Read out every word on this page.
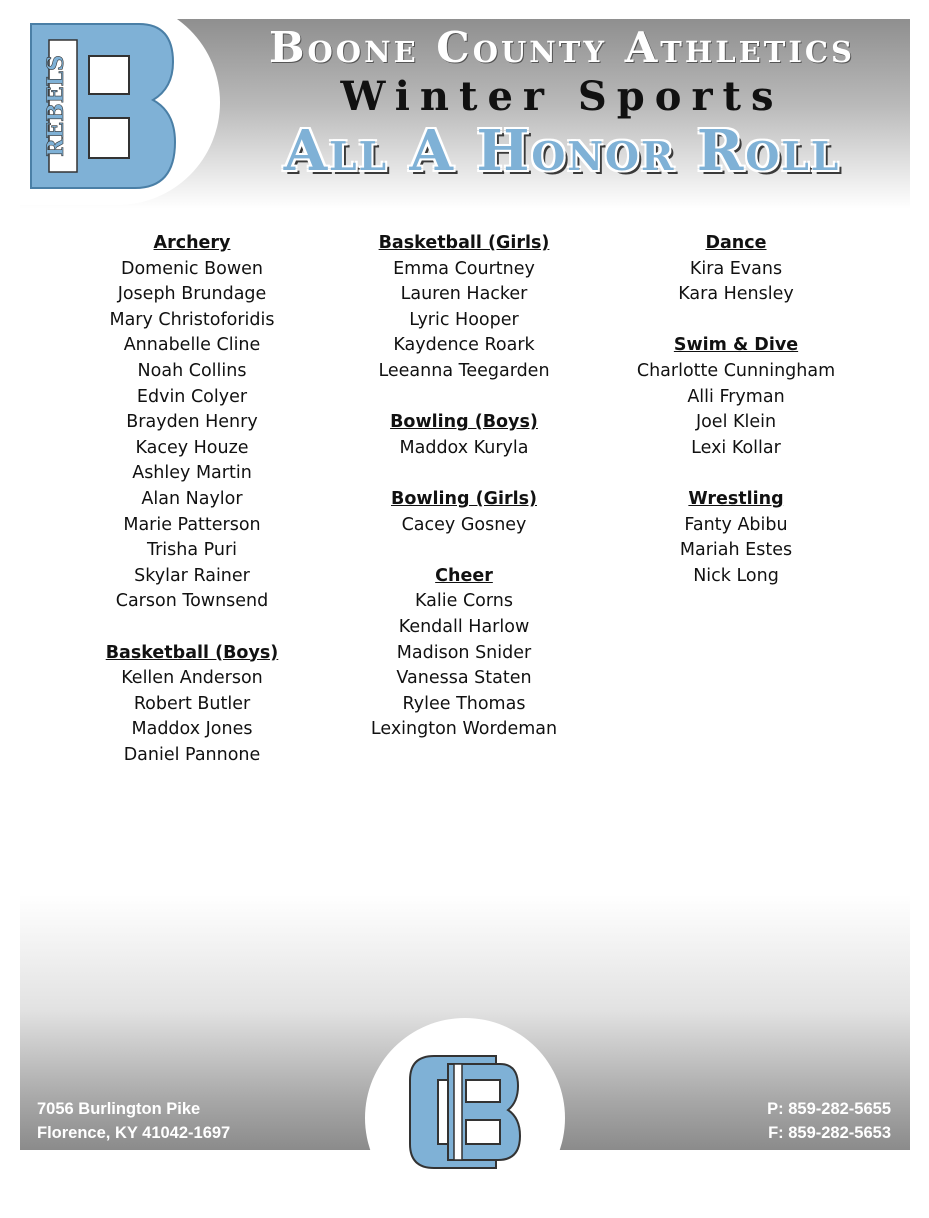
REBELS
Boone County Athletics
Winter Sports
All A Honor Roll
Archery
Domenic Bowen
Joseph Brundage
Mary Christoforidis
Annabelle Cline
Noah Collins
Edvin Colyer
Brayden Henry
Kacey Houze
Ashley Martin
Alan Naylor
Marie Patterson
Trisha Puri
Skylar Rainer
Carson Townsend
Basketball (Boys)
Kellen Anderson
Robert Butler
Maddox Jones
Daniel Pannone
Basketball (Girls)
Emma Courtney
Lauren Hacker
Lyric Hooper
Kaydence Roark
Leeanna Teegarden
Bowling (Boys)
Maddox Kuryla
Bowling (Girls)
Cacey Gosney
Cheer
Kalie Corns
Kendall Harlow
Madison Snider
Vanessa Staten
Rylee Thomas
Lexington Wordeman
Dance
Kira Evans
Kara Hensley
Swim & Dive
Charlotte Cunningham
Alli Fryman
Joel Klein
Lexi Kollar
Wrestling
Fanty Abibu
Mariah Estes
Nick Long
7056 Burlington Pike
Florence, KY 41042-1697
P: 859-282-5655
F: 859-282-5653
